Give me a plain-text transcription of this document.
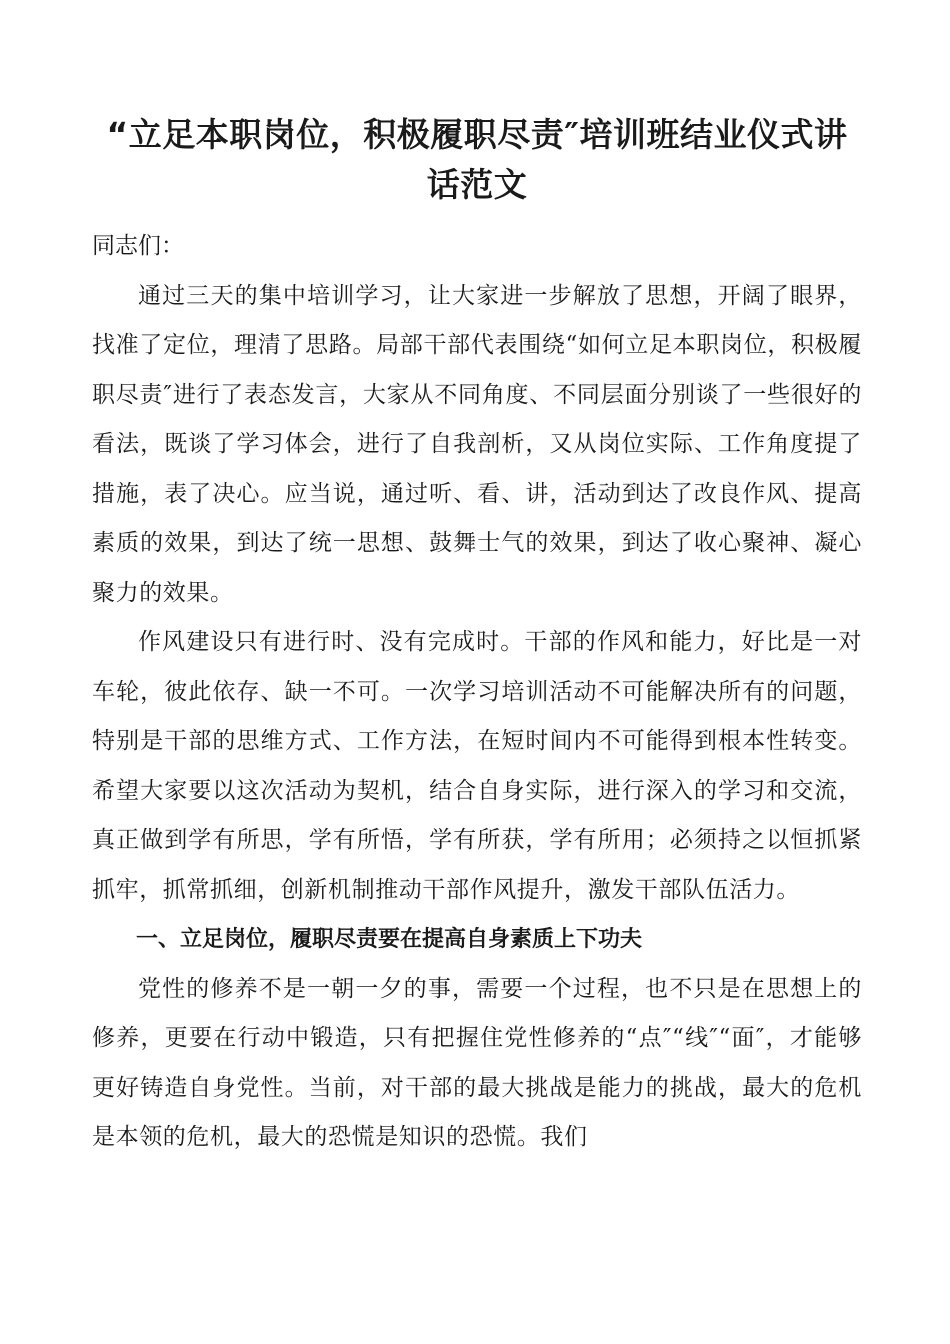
“立足本职岗位，积极履职尽责″培训班结业仪式讲话范文

同志们：

通过三天的集中培训学习，让大家进一步解放了思想，开阔了眼界，找准了定位，理清了思路。局部干部代表围绕“如何立足本职岗位，积极履职尽责″进行了表态发言，大家从不同角度、不同层面分别谈了一些很好的看法，既谈了学习体会，进行了自我剖析，又从岗位实际、工作角度提了措施，表了决心。应当说，通过听、看、讲，活动到达了改良作风、提高素质的效果，到达了统一思想、鼓舞士气的效果，到达了收心聚神、凝心聚力的效果。

作风建设只有进行时、没有完成时。干部的作风和能力，好比是一对车轮，彼此依存、缺一不可。一次学习培训活动不可能解决所有的问题，特别是干部的思维方式、工作方法，在短时间内不可能得到根本性转变。希望大家要以这次活动为契机，结合自身实际，进行深入的学习和交流，真正做到学有所思，学有所悟，学有所获，学有所用；必须持之以恒抓紧抓牢，抓常抓细，创新机制推动干部作风提升，激发干部队伍活力。

一、立足岗位，履职尽责要在提高自身素质上下功夫

党性的修养不是一朝一夕的事，需要一个过程，也不只是在思想上的修养，更要在行动中锻造，只有把握住党性修养的“点″“线″“面″，才能够更好铸造自身党性。当前，对干部的最大挑战是能力的挑战，最大的危机是本领的危机，最大的恐慌是知识的恐慌。我们
